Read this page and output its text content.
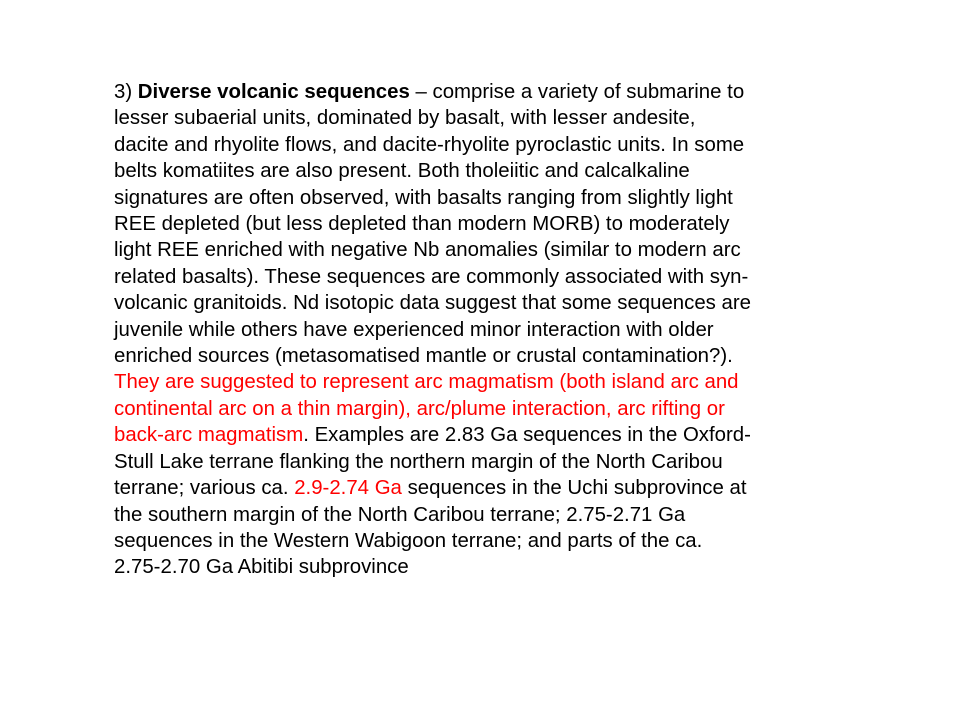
3) Diverse volcanic sequences – comprise a variety of submarine to
lesser subaerial units, dominated by basalt, with lesser andesite,
dacite and rhyolite flows, and dacite-rhyolite pyroclastic units. In some
belts komatiites are also present. Both tholeiitic and calcalkaline
signatures are often observed, with basalts ranging from slightly light
REE depleted (but less depleted than modern MORB) to moderately
light REE enriched with negative Nb anomalies (similar to modern arc
related basalts). These sequences are commonly associated with syn-
volcanic granitoids. Nd isotopic data suggest that some sequences are
juvenile while others have experienced minor interaction with older
enriched sources (metasomatised mantle or crustal contamination?).
They are suggested to represent arc magmatism (both island arc and
continental arc on a thin margin), arc/plume interaction, arc rifting or
back-arc magmatism. Examples are 2.83 Ga sequences in the Oxford-
Stull Lake terrane flanking the northern margin of the North Caribou
terrane; various ca. 2.9-2.74 Ga sequences in the Uchi subprovince at
the southern margin of the North Caribou terrane; 2.75-2.71 Ga
sequences in the Western Wabigoon terrane; and parts of the ca.
2.75-2.70 Ga Abitibi subprovince
